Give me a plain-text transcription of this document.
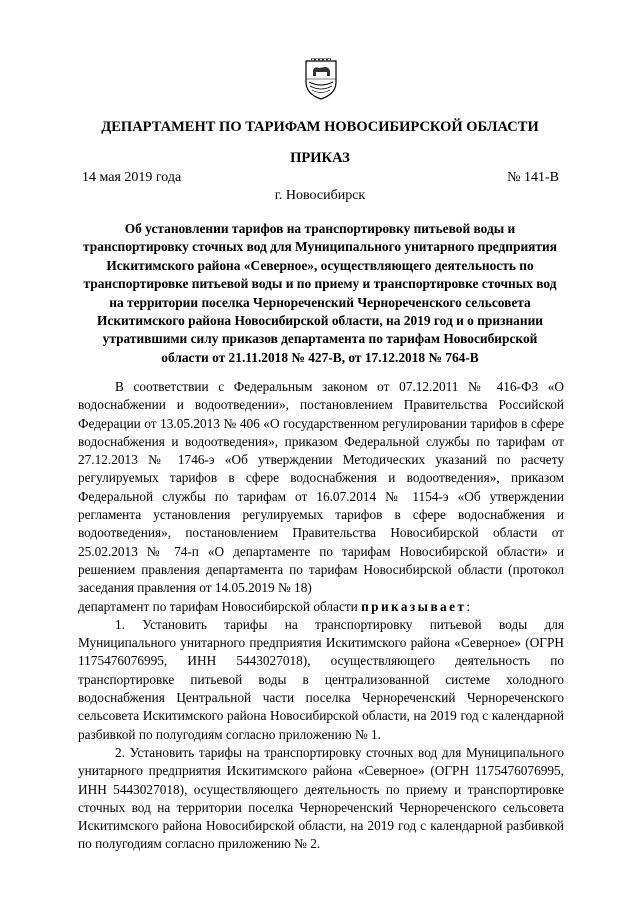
ДЕПАРТАМЕНТ ПО ТАРИФАМ НОВОСИБИРСКОЙ ОБЛАСТИ
ПРИКАЗ
14 мая 2019 года	№ 141-В
г. Новосибирск
Об установлении тарифов на транспортировку питьевой воды и транспортировку сточных вод для Муниципального унитарного предприятия Искитимского района «Северное», осуществляющего деятельность по транспортировке питьевой воды и по приему и транспортировке сточных вод на территории поселка Чернореченский Чернореченского сельсовета Искитимского района Новосибирской области, на 2019 год и о признании утратившими силу приказов департамента по тарифам Новосибирской области от 21.11.2018 № 427-В, от 17.12.2018 № 764-В

В соответствии с Федеральным законом от 07.12.2011 № 416-ФЗ «О водоснабжении и водоотведении», постановлением Правительства Российской Федерации от 13.05.2013 № 406 «О государственном регулировании тарифов в сфере водоснабжения и водоотведения», приказом Федеральной службы по тарифам от 27.12.2013 № 1746-э «Об утверждении Методических указаний по расчету регулируемых тарифов в сфере водоснабжения и водоотведения», приказом Федеральной службы по тарифам от 16.07.2014 № 1154-э «Об утверждении регламента установления регулируемых тарифов в сфере водоснабжения и водоотведения», постановлением Правительства Новосибирской области от 25.02.2013 № 74-п «О департаменте по тарифам Новосибирской области» и решением правления департамента по тарифам Новосибирской области (протокол заседания правления от 14.05.2019 № 18)

департамент по тарифам Новосибирской области приказывает:

1. Установить тарифы на транспортировку питьевой воды для Муниципального унитарного предприятия Искитимского района «Северное» (ОГРН 1175476076995, ИНН 5443027018), осуществляющего деятельность по транспортировке питьевой воды в централизованной системе холодного водоснабжения Центральной части поселка Чернореченский Чернореченского сельсовета Искитимского района Новосибирской области, на 2019 год с календарной разбивкой по полугодиям согласно приложению № 1.

2. Установить тарифы на транспортировку сточных вод для Муниципального унитарного предприятия Искитимского района «Северное» (ОГРН 1175476076995, ИНН 5443027018), осуществляющего деятельность по приему и транспортировке сточных вод на территории поселка Чернореченский Чернореченского сельсовета Искитимского района Новосибирской области, на 2019 год с календарной разбивкой по полугодиям согласно приложению № 2.
